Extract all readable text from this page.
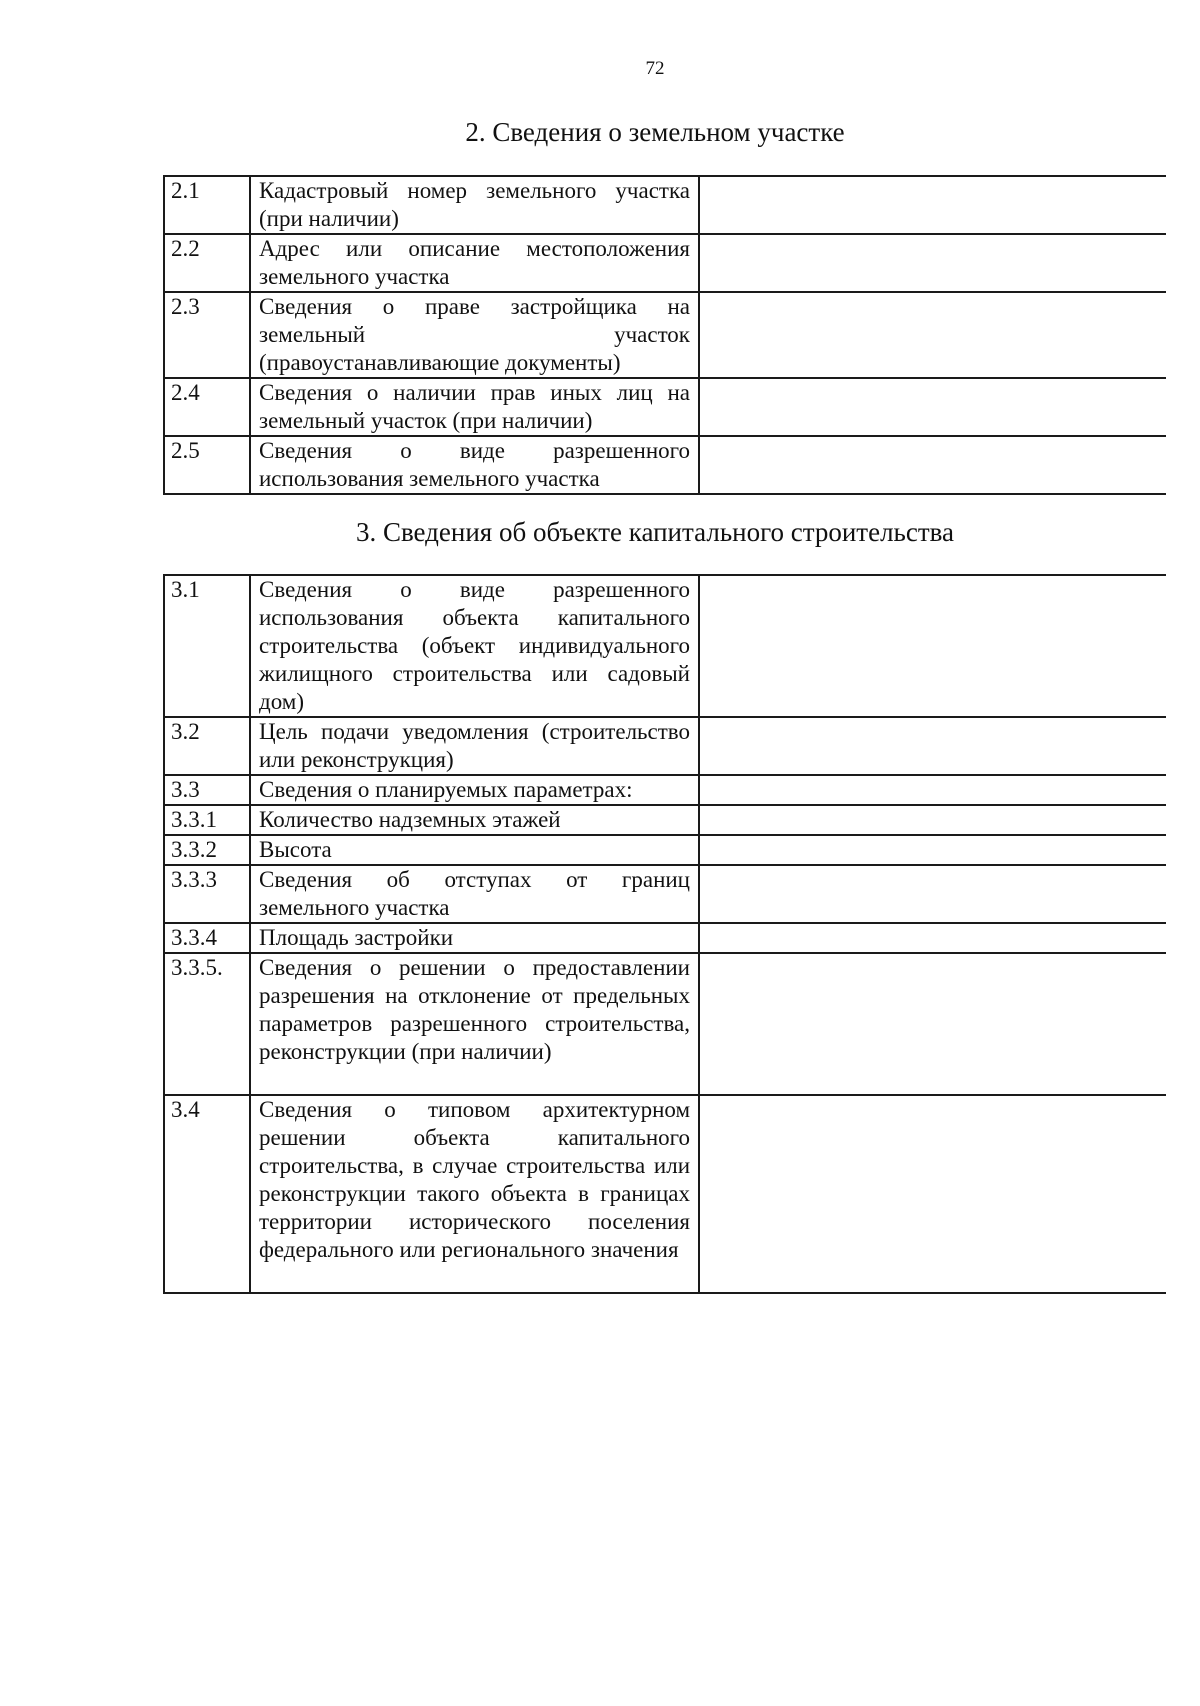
72
2. Сведения о земельном участке
2.1	Кадастровый номер земельного участка (при наличии)	
2.2	Адрес или описание местоположения земельного участка	
2.3	Сведения о праве застройщика на земельный участок (правоустанавливающие документы)	
2.4	Сведения о наличии прав иных лиц на земельный участок (при наличии)	
2.5	Сведения о виде разрешенного использования земельного участка	
3. Сведения об объекте капитального строительства
3.1	Сведения о виде разрешенного использования объекта капитального строительства (объект индивидуального жилищного строительства или садовый дом)	
3.2	Цель подачи уведомления (строительство или реконструкция)	
3.3	Сведения о планируемых параметрах:	
3.3.1	Количество надземных этажей	
3.3.2	Высота	
3.3.3	Сведения об отступах от границ земельного участка	
3.3.4	Площадь застройки	
3.3.5.	Сведения о решении о предоставлении разрешения на отклонение от предельных параметров разрешенного строительства, реконструкции (при наличии)	
3.4	Сведения о типовом архитектурном решении объекта капитального строительства, в случае строительства или реконструкции такого объекта в границах территории исторического поселения федерального или регионального значения	
